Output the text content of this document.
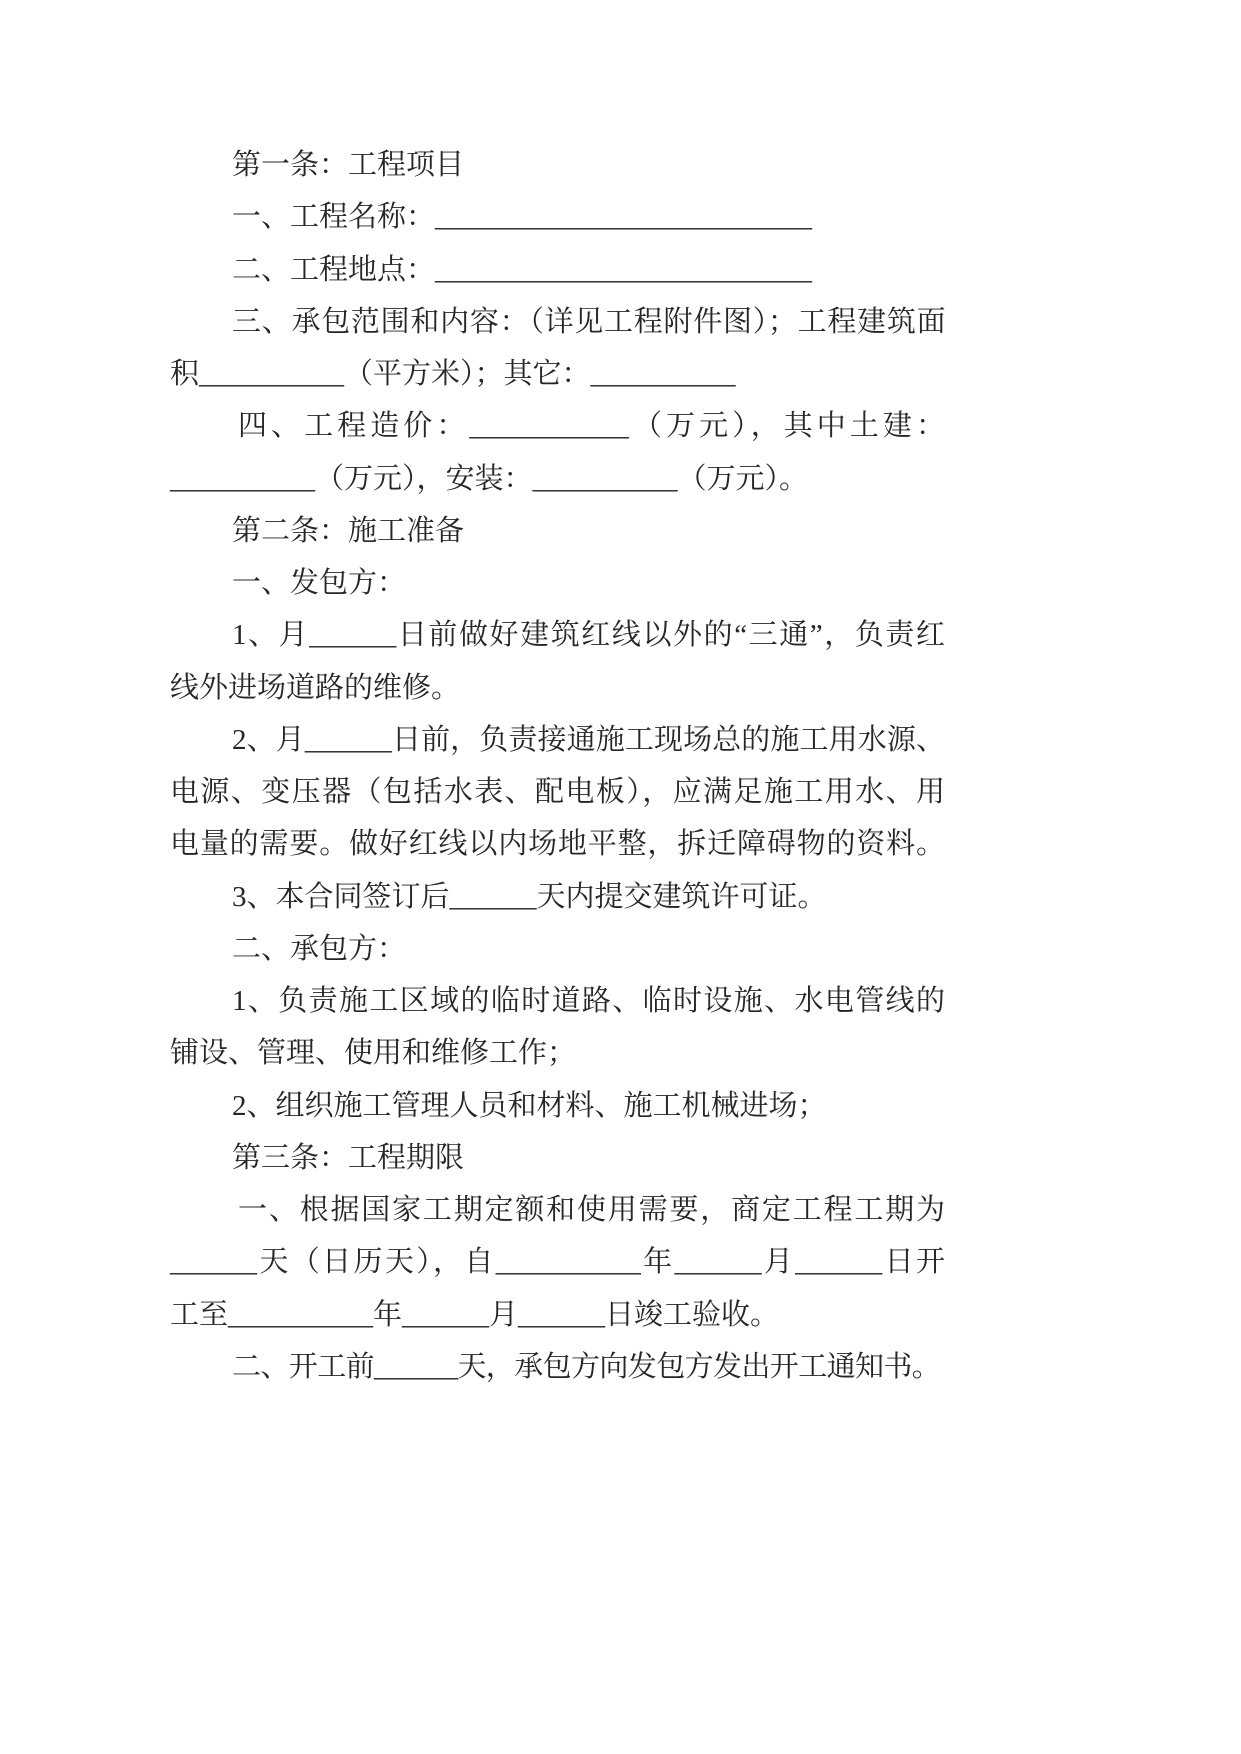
第一条：工程项目
一、工程名称：__________________________
二、工程地点：__________________________
三、承包范围和内容：（详见工程附件图）；工程建筑面
积__________（平方米）；其它：__________
四、工程造价：___________（万元），其中土建：
__________（万元），安装：__________（万元）。
第二条：施工准备
一、发包方：
1、月______日前做好建筑红线以外的“三通”，负责红
线外进场道路的维修。
2、月______日前，负责接通施工现场总的施工用水源、
电源、变压器（包括水表、配电板），应满足施工用水、用
电量的需要。做好红线以内场地平整，拆迁障碍物的资料。
3、本合同签订后______天内提交建筑许可证。
二、承包方：
1、负责施工区域的临时道路、临时设施、水电管线的
铺设、管理、使用和维修工作；
2、组织施工管理人员和材料、施工机械进场；
第三条：工程期限
一、根据国家工期定额和使用需要，商定工程工期为
______天（日历天），自__________年______月______日开
工至__________年______月______日竣工验收。
二、开工前______天，承包方向发包方发出开工通知书。
